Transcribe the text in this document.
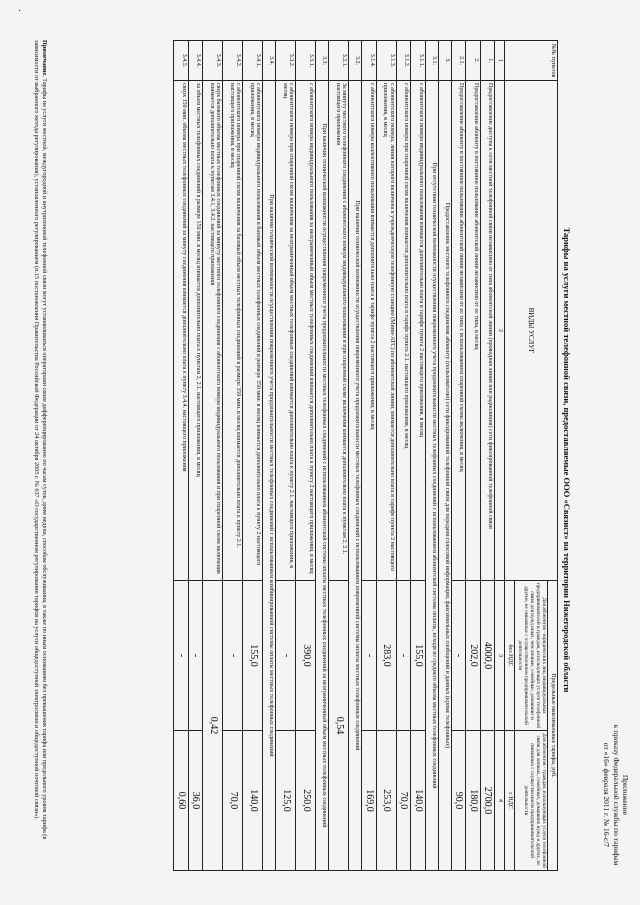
·
Приложение
к приказу Федеральной службы по тарифам
от «16» февраля 2011 г. № 16-с/7
Тарифы на услуги местной телефонной связи, предоставляемые ООО «Связист» на территории Нижегородской области
№№ пунктов	ВИДЫ УСЛУГ	Предельные максимальные тарифы, руб.	
		Для абонентов - юридических лиц, индивидуальных предпринимателей и граждан, использующих услуги телефонной связи для нужд иных, чем личные, семейные, домашние и другие, не связанные с осуществлением предпринимательской деятельности	Для абонентов - граждан, использующих услуги телефонной связи для личных, семейных, домашних нужд и других, не связанных с осуществлением предпринимательской деятельности
		без НДС	с НДС
1	2	3	4
1.	Предоставление доступа к сети местной телефонной связи независимо от типа абонентской линии (проводная линия или радиолиния) сети фиксированной телефонной связи	4000,0	2700,0
2.	Предоставление абоненту в постоянное пользование абонентской линии независимо от ее типа, в месяц	202,0	180,0
2.1.	Предоставление абоненту в постоянное пользование абонентской линии независимо от ее типа с использованием спаренной схемы включения, в месяц	-	90,0
3.	Предоставление местного телефонного соединения абоненту (пользователю) сети фиксированной телефонной связи для передачи голосовой информации, факсимильных сообщений и данных (кроме телефонных)		
3.1.	При отсутствии технической возможности осуществления повременного учета продолжительности местных телефонных соединений с использованием абонентской системы оплаты, исходя из среднего объема местных телефонных соединений		
3.1.1.	с абонентского номера индивидуального пользования взимается дополнительно плата в тарифе пункта 2 настоящего приложения, в месяц	155,0	140,0
3.1.2.	с абонентского номера при спаренной схеме включения взимается дополнительно плата в тарифе пункта 2.1. настоящего приложения, в месяц	-	70,0
3.1.3.	с абонентского номера, линия которого включена в учрежденческую телефонную станцию (Мини-АТС) по абонентской линии, взимается дополнительно плата в тарифе пункта 2 настоящего приложения, в месяц	283,0	253,0
3.1.4.	с абонентского номера коллективного пользования взимается дополнительно плата в тарифе пункта 2 настоящего приложения, в месяц	-	169,0
3.2.	При наличии технической возможности осуществления повременного учета продолжительности местных телефонных соединений с использованием повременной системы оплаты местных телефонных соединений		
3.2.1.	За минуту местного телефонного соединения с абонентского номера индивидуального пользования и при спаренной схеме включения взимается дополнительно плата к пунктам 2, 2.1. настоящего приложения	0,54	
3.3.	При наличии технической возможности осуществления повременного учета продолжительности местных телефонных соединений с использованием абонентской системы оплаты местных телефонных соединений за неограниченный объем местных телефонных соединений		
3.3.1.	с абонентского номера индивидуального пользования за неограниченный объем местных телефонных соединений взимается дополнительно плата к пункту 2 настоящего приложения, в месяц	390,0	250,0
3.3.2.	с абонентского номера при спаренной схеме включения за неограниченный объем местных телефонных соединений взимается дополнительно плата к пункту 2.1. настоящего приложения, в месяц	-	125,0
3.4.	При наличии технической возможности осуществления повременного учета продолжительности местных телефонных соединений с использованием комбинированной системы оплаты местных телефонных соединений		
3.4.1.	с абонентского номера индивидуального пользования в базовый объем местных телефонных соединений в размере 350 мин. в месяц взимается дополнительно плата к пункту 2 настоящего приложения, в месяц	155,0	140,0
3.4.2.	с абонентского номера при спаренной схеме включения за базовый объем местных телефонных соединений в размере 350 мин. в месяц взимается дополнительно плата к пункту 2.1. настоящего приложения, в месяц	-	70,0
3.4.3.	сверх базового объема местных телефонных соединений за минуту местного телефонного соединения с абонентского номера индивидуального пользования и при спаренной схеме включения взимается дополнительно плата к пунктам 3.4.1, 3.4.2. настоящего приложения	0,42	
3.4.4.	за объем местных телефонных соединений в размере 150 мин. в месяц взимается дополнительно плата к пунктам 2, 2.1. настоящего приложения, в месяц	-	36,0
3.4.5.	сверх 150 мин. объема местных телефонных соединений за минуту соединения взимается дополнительно плата к пункту 3.4.4. настоящего приложения	-	0,60
Примечание. Тарифы на услуги местной, междугородной и внутризоновой телефонной связи могут устанавливаться операторами связи дифференцированно по часам суток, дням недели, способам обслуживания, в также по иным основаниям без превышения тарифа или предельного уровня тарифа (в зависимости от выбранного метода регулирования), установленного регулированием (п.15 постановления Правительства Российской Федерации от 24 октября 2005 г. № 637 «О государственном регулировании тарифов на услуги общедоступной электросвязи и общедоступной почтовой связи»).
